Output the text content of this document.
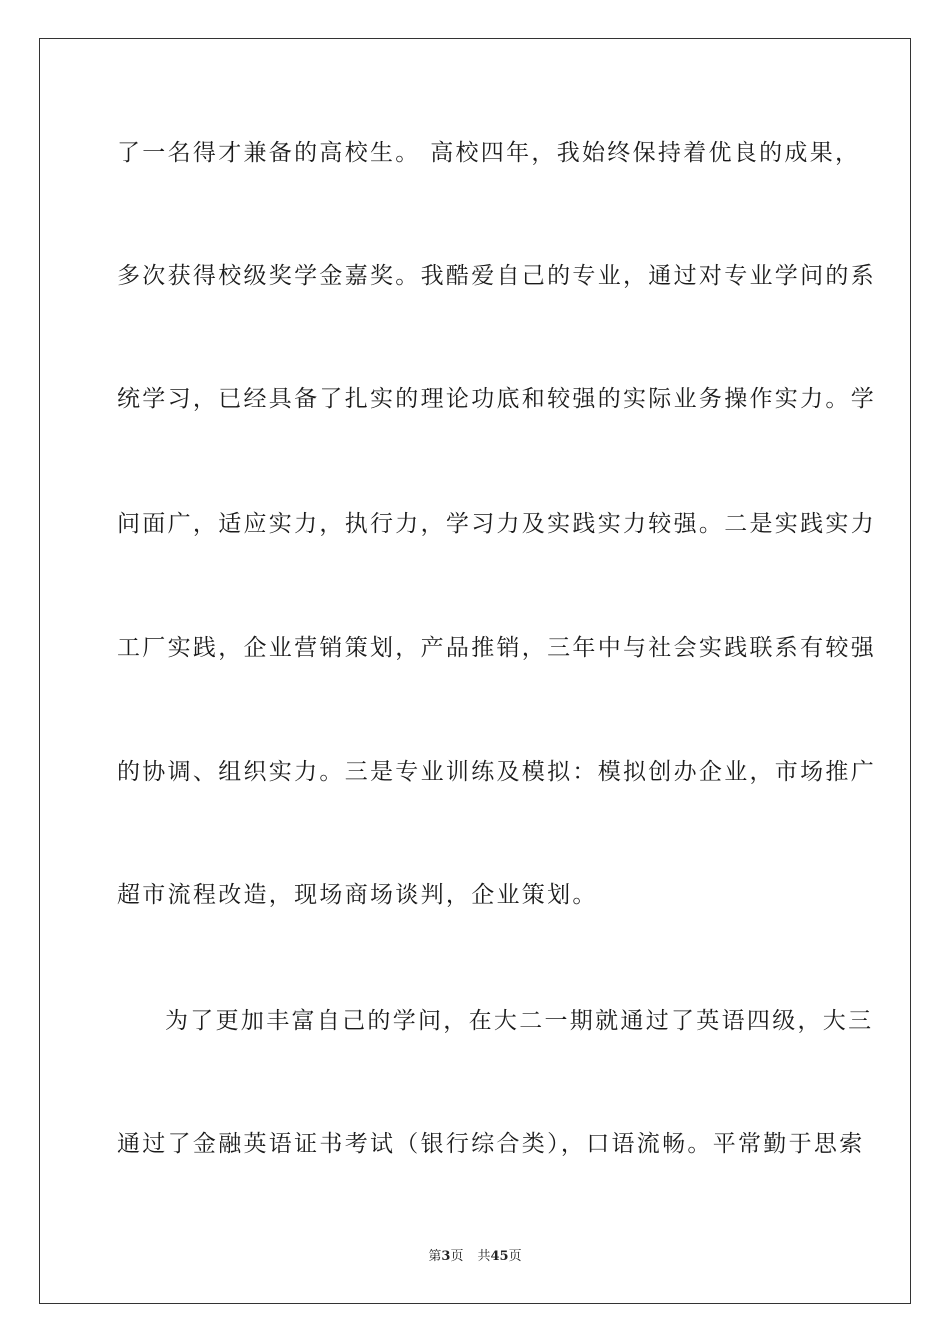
了一名得才兼备的高校生。 高校四年，我始终保持着优良的成果，
多次获得校级奖学金嘉奖。我酷爱自己的专业，通过对专业学问的系
统学习，已经具备了扎实的理论功底和较强的实际业务操作实力。学
问面广，适应实力，执行力，学习力及实践实力较强。二是实践实力
工厂实践，企业营销策划，产品推销，三年中与社会实践联系有较强
的协调、组织实力。三是专业训练及模拟：模拟创办企业，市场推广
超市流程改造，现场商场谈判，企业策划。
为了更加丰富自己的学问，在大二一期就通过了英语四级，大三
通过了金融英语证书考试（银行综合类），口语流畅。平常勤于思索
第3页 共45页
